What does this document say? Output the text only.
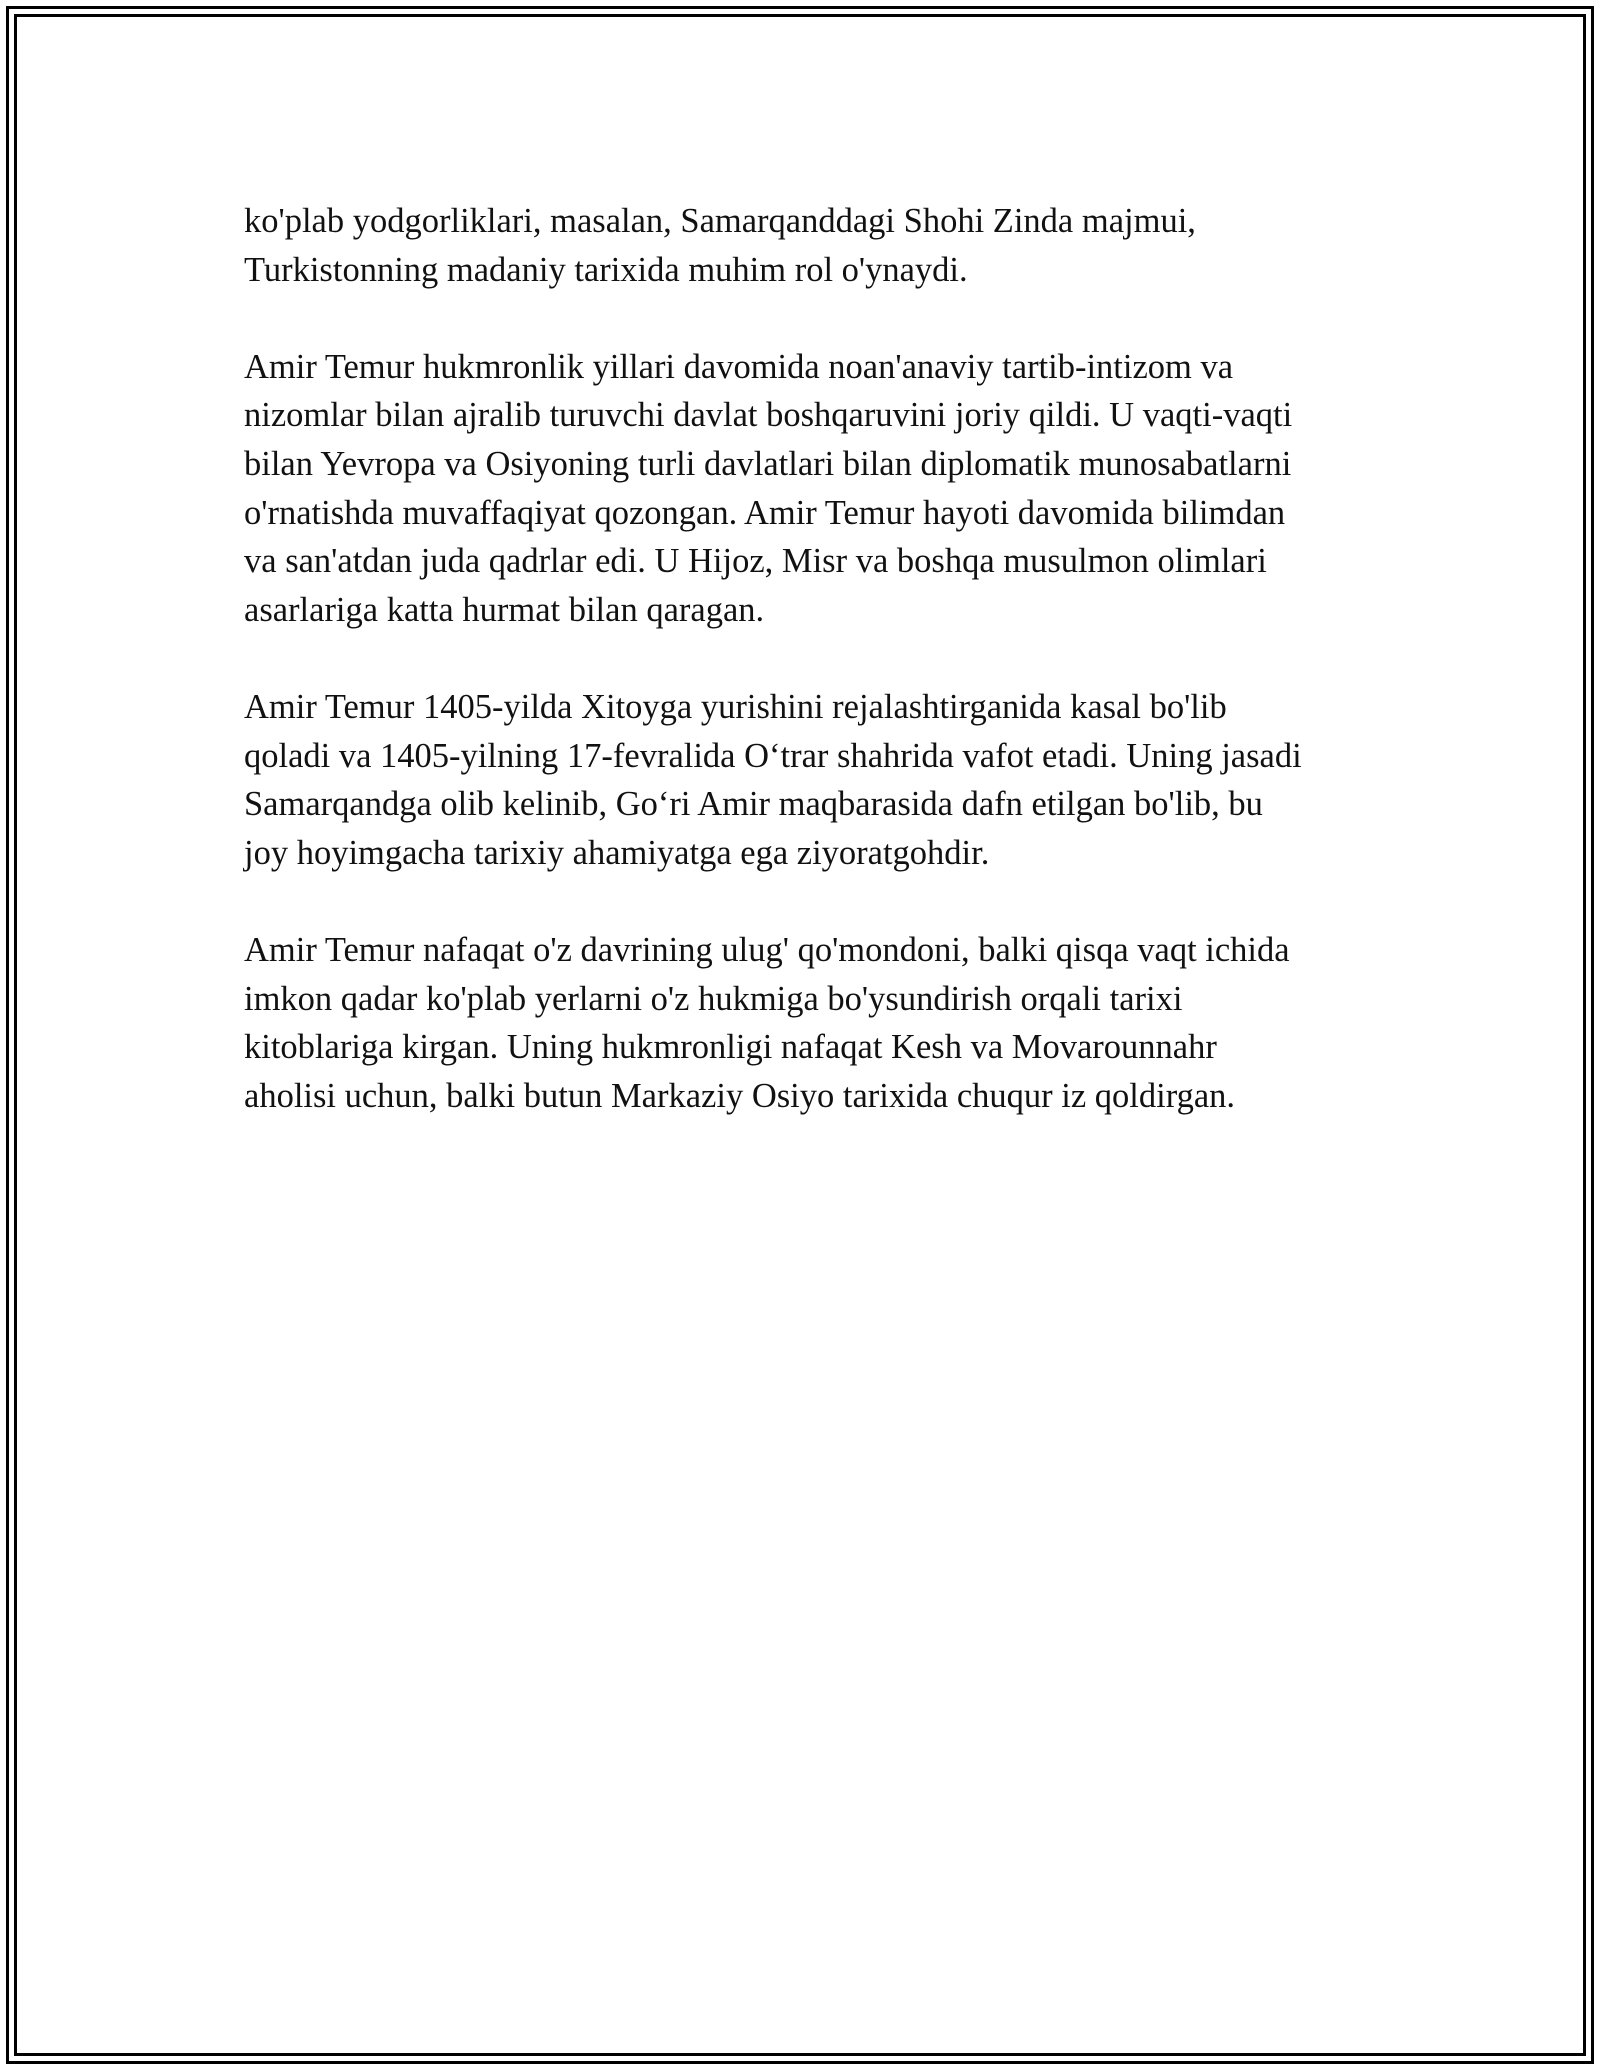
ko'plab yodgorliklari, masalan, Samarqanddagi Shohi Zinda majmui,
Turkistonning madaniy tarixida muhim rol o'ynaydi.

Amir Temur hukmronlik yillari davomida noan'anaviy tartib-intizom va
nizomlar bilan ajralib turuvchi davlat boshqaruvini joriy qildi. U vaqti-vaqti
bilan Yevropa va Osiyoning turli davlatlari bilan diplomatik munosabatlarni
o'rnatishda muvaffaqiyat qozongan. Amir Temur hayoti davomida bilimdan
va san'atdan juda qadrlar edi. U Hijoz, Misr va boshqa musulmon olimlari
asarlariga katta hurmat bilan qaragan.

Amir Temur 1405-yilda Xitoyga yurishini rejalashtirganida kasal bo'lib
qoladi va 1405-yilning 17-fevralida O‘trar shahrida vafot etadi. Uning jasadi
Samarqandga olib kelinib, Go‘ri Amir maqbarasida dafn etilgan bo'lib, bu
joy hoyimgacha tarixiy ahamiyatga ega ziyoratgohdir.

Amir Temur nafaqat o'z davrining ulug' qo'mondoni, balki qisqa vaqt ichida
imkon qadar ko'plab yerlarni o'z hukmiga bo'ysundirish orqali tarixi
kitoblariga kirgan. Uning hukmronligi nafaqat Kesh va Movarounnahr
aholisi uchun, balki butun Markaziy Osiyo tarixida chuqur iz qoldirgan.
